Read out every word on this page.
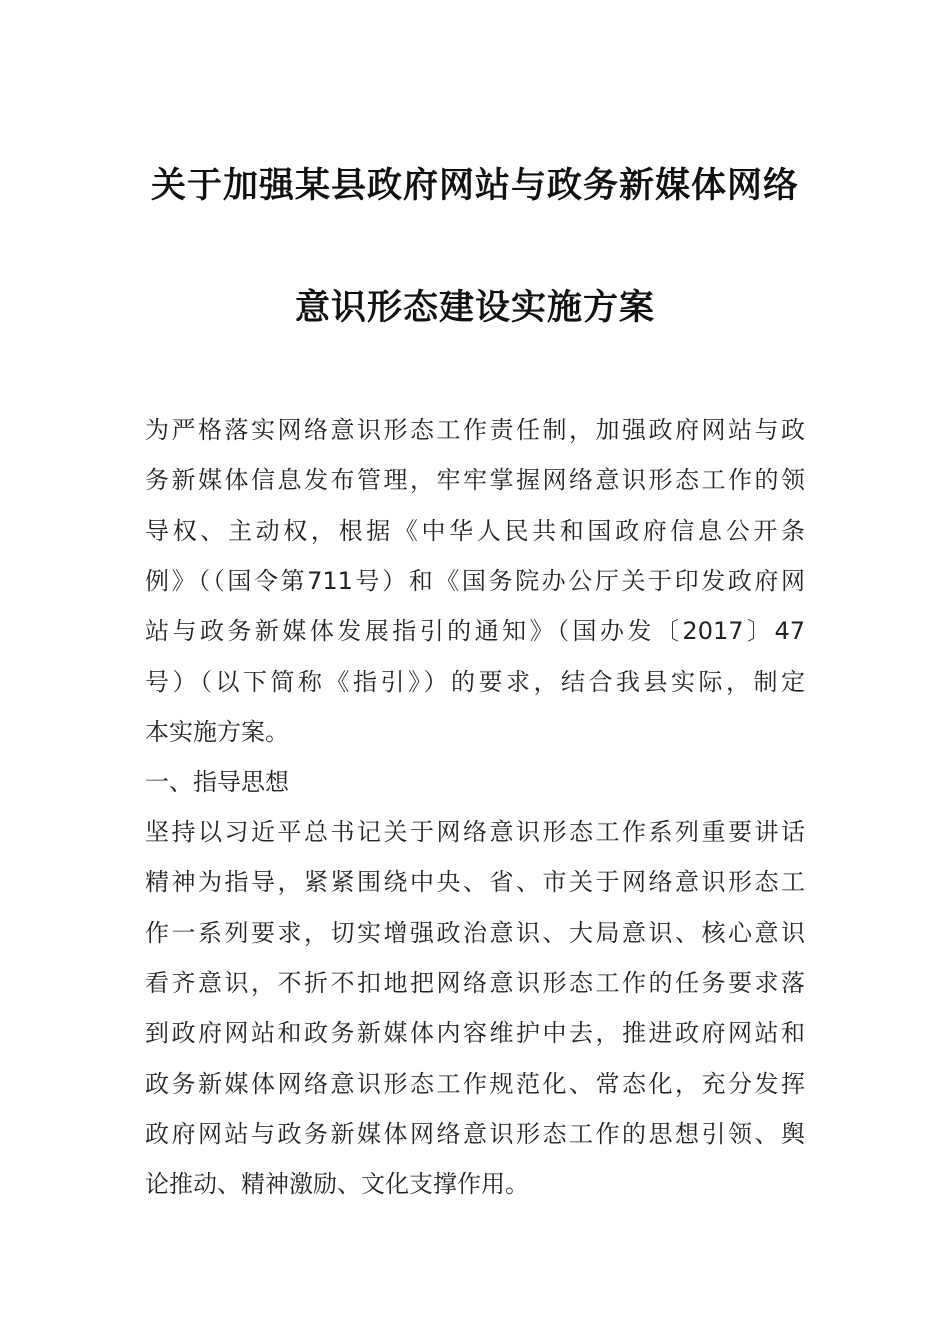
关于加强某县政府网站与政务新媒体网络
意识形态建设实施方案
为严格落实网络意识形态工作责任制，加强政府网站与政
务新媒体信息发布管理，牢牢掌握网络意识形态工作的领
导权、主动权，根据《中华人民共和国政府信息公开条
例》（（国令第711号）和《国务院办公厅关于印发政府网
站与政务新媒体发展指引的通知》（国办发〔2017〕47
号）（以下简称《指引》）的要求，结合我县实际，制定
本实施方案。
一、指导思想
坚持以习近平总书记关于网络意识形态工作系列重要讲话
精神为指导，紧紧围绕中央、省、市关于网络意识形态工
作一系列要求，切实增强政治意识、大局意识、核心意识
看齐意识，不折不扣地把网络意识形态工作的任务要求落
到政府网站和政务新媒体内容维护中去，推进政府网站和
政务新媒体网络意识形态工作规范化、常态化，充分发挥
政府网站与政务新媒体网络意识形态工作的思想引领、舆
论推动、精神激励、文化支撑作用。
